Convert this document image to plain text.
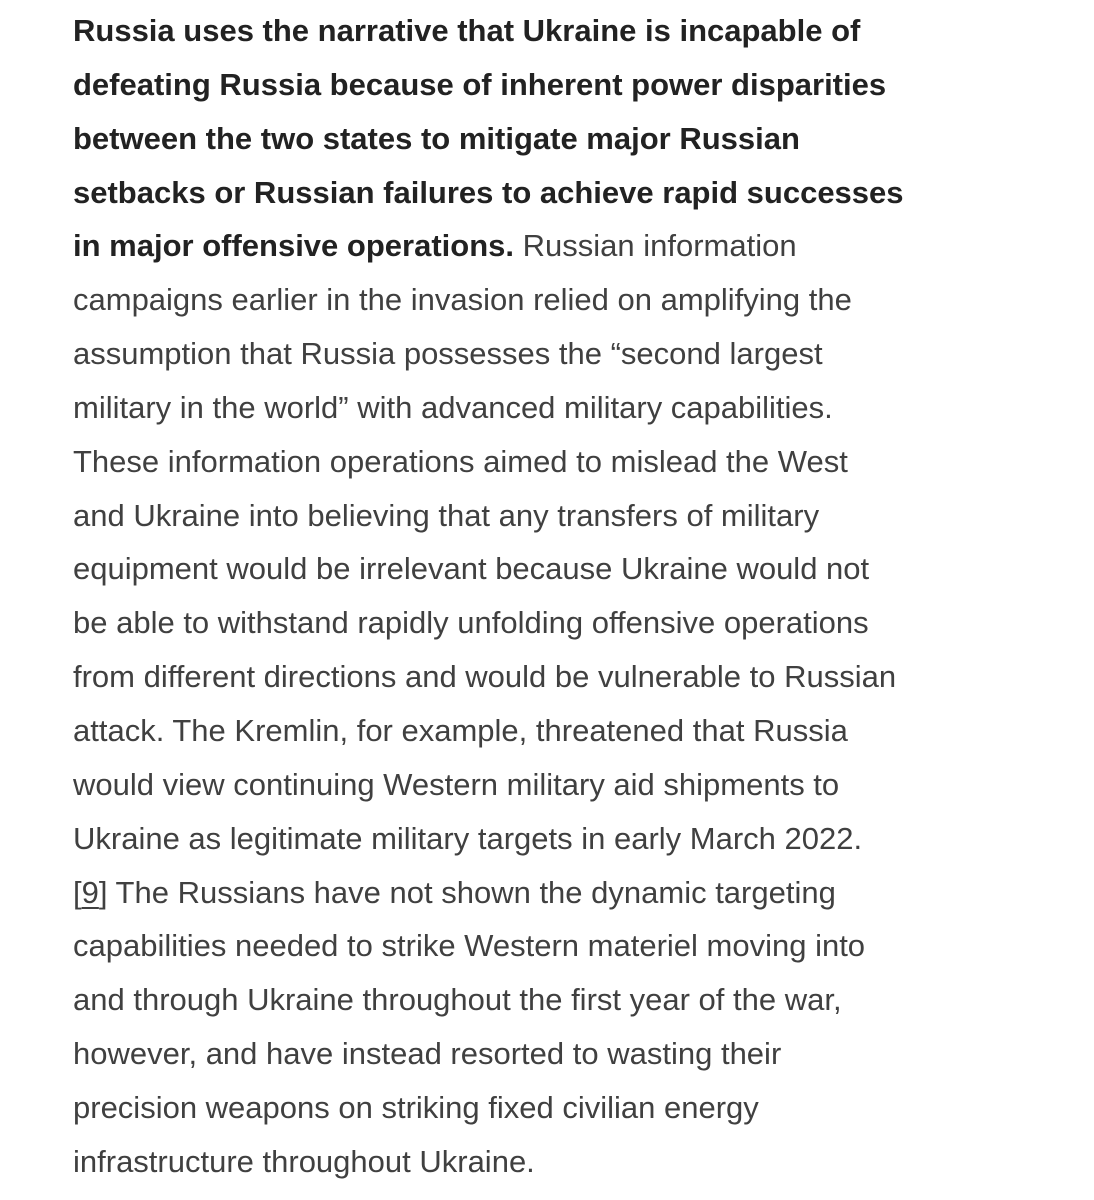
Russia uses the narrative that Ukraine is incapable of
defeating Russia because of inherent power disparities
between the two states to mitigate major Russian
setbacks or Russian failures to achieve rapid successes
in major offensive operations. Russian information
campaigns earlier in the invasion relied on amplifying the
assumption that Russia possesses the “second largest
military in the world” with advanced military capabilities.
These information operations aimed to mislead the West
and Ukraine into believing that any transfers of military
equipment would be irrelevant because Ukraine would not
be able to withstand rapidly unfolding offensive operations
from different directions and would be vulnerable to Russian
attack. The Kremlin, for example, threatened that Russia
would view continuing Western military aid shipments to
Ukraine as legitimate military targets in early March 2022.
[9] The Russians have not shown the dynamic targeting
capabilities needed to strike Western materiel moving into
and through Ukraine throughout the first year of the war,
however, and have instead resorted to wasting their
precision weapons on striking fixed civilian energy
infrastructure throughout Ukraine.
